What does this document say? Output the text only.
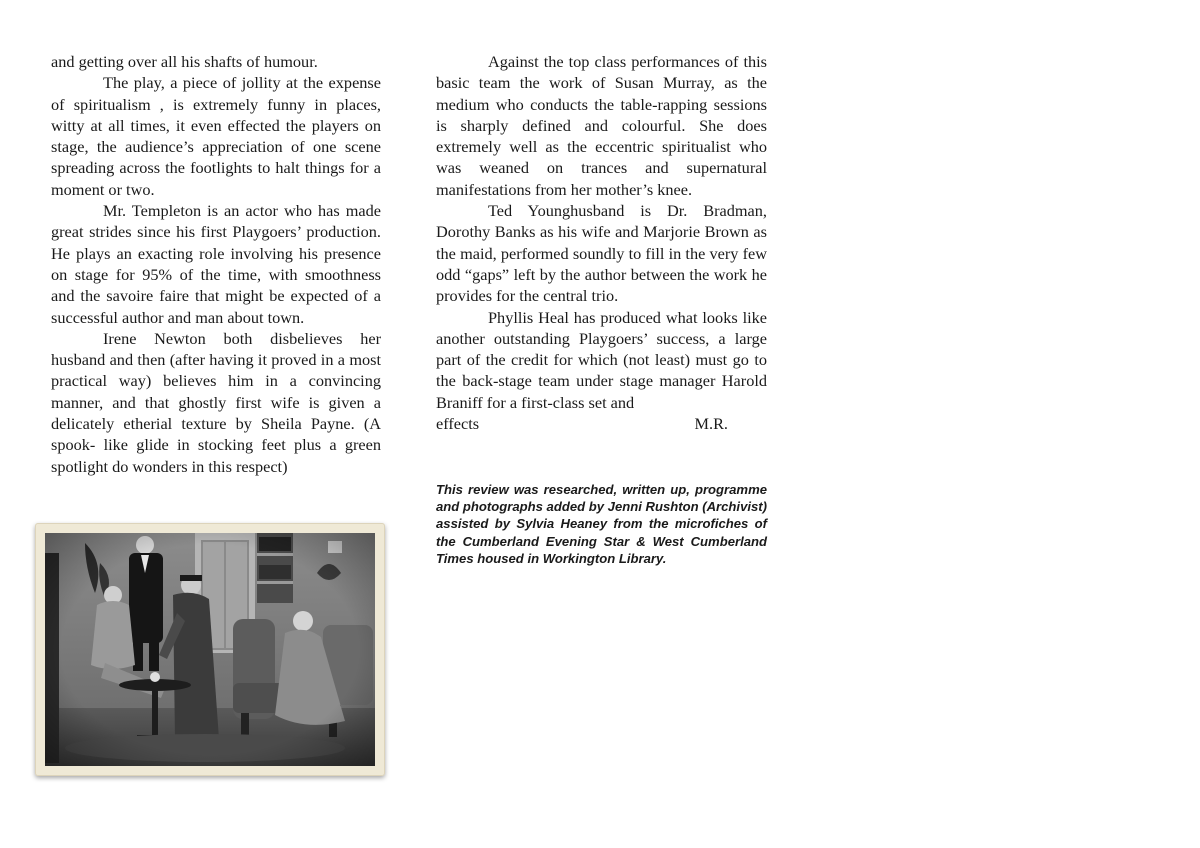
and getting over all his shafts of humour.

The play, a piece of jollity at the expense of spiritualism , is extremely funny in places, witty at all times, it even effected the players on stage, the audience’s appreciation of one scene spreading across the footlights to halt things for a moment or two.

Mr. Templeton is an actor who has made great strides since his first Playgoers’ production. He plays an exacting role involving his presence on stage for 95% of the time, with smoothness and the savoire faire that might be expected of a successful author and man about town.

Irene Newton both disbelieves her husband and then (after having it proved in a most practical way) believes him in a convincing manner, and that ghostly first wife is given a delicately etherial texture by Sheila Payne. (A spook- like glide in stocking feet plus a green spotlight do wonders in this respect)

Against the top class performances of this basic team the work of Susan Murray, as the medium who conducts the table-rapping sessions is sharply defined and colourful. She does extremely well as the eccentric spiritualist who was weaned on trances and supernatural manifestations from her mother’s knee.

Ted Younghusband is Dr. Bradman, Dorothy Banks as his wife and Marjorie Brown as the maid, performed soundly to fill in the very few odd “gaps” left by the author between the work he provides for the central trio.

Phyllis Heal has produced what looks like another outstanding Playgoers’ success, a large part of the credit for which (not least) must go to the back-stage team under stage manager Harold Braniff for a first-class set and

effects	M.R.

This review was researched, written up, programme and photographs added by Jenni Rushton (Archivist) assisted by Sylvia Heaney from the microfiches of the Cumberland Evening Star & West Cumberland Times housed in Workington Library.
